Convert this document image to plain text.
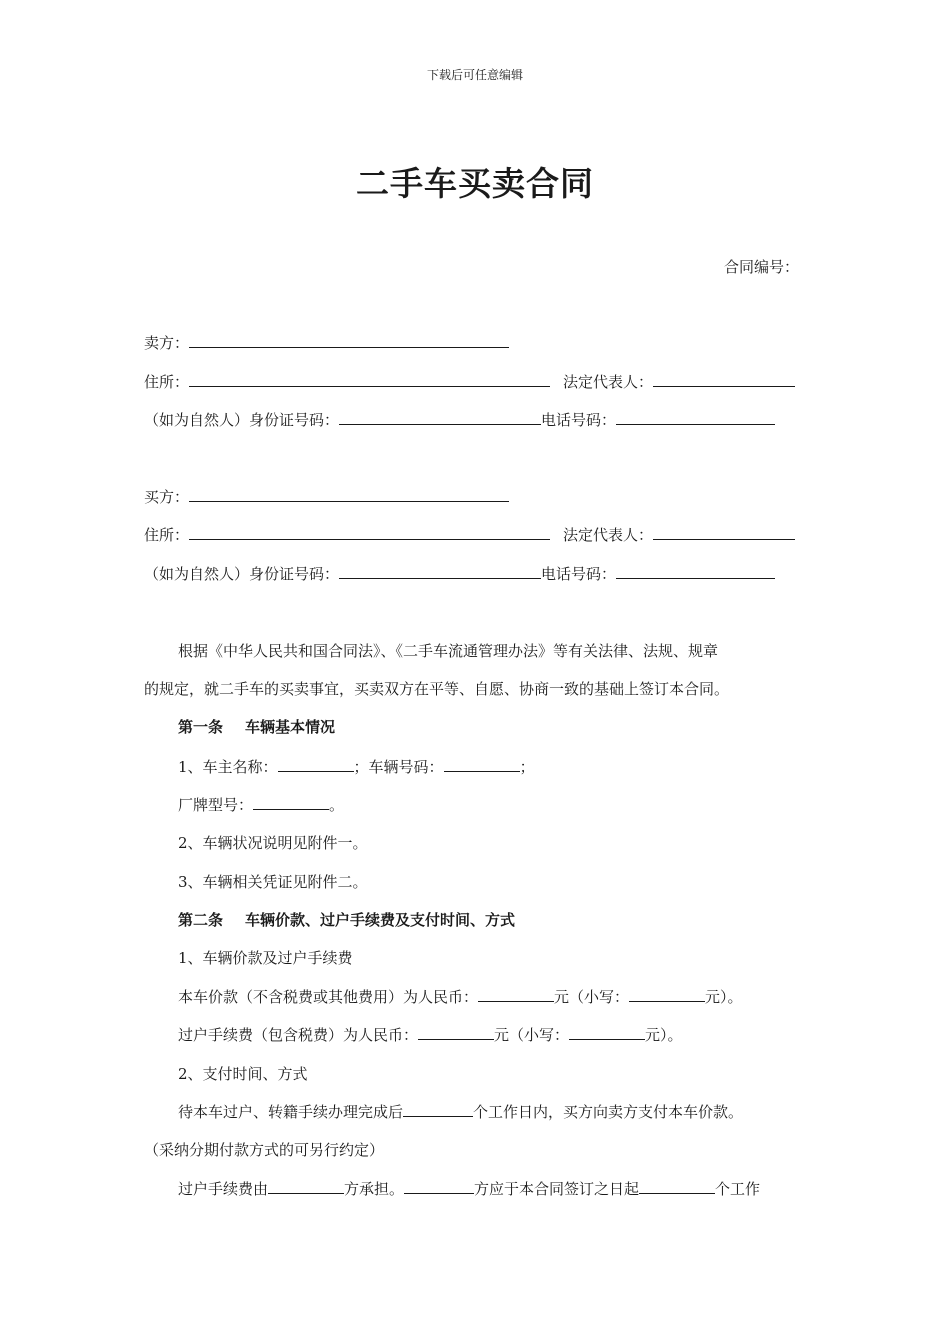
下载后可任意编辑
二手车买卖合同
合同编号：
卖方：
住所：	法定代表人：
（如为自然人）身份证号码：	电话号码：
买方：
住所：	法定代表人：
（如为自然人）身份证号码：	电话号码：
根据《中华人民共和国合同法》、《二手车流通管理办法》等有关法律、法规、规章
的规定，就二手车的买卖事宜，买卖双方在平等、自愿、协商一致的基础上签订本合同。
第一条 车辆基本情况
1、车主名称：	；车辆号码：	；
厂牌型号：	。
2、车辆状况说明见附件一。
3、车辆相关凭证见附件二。
第二条 车辆价款、过户手续费及支付时间、方式
1、车辆价款及过户手续费
本车价款（不含税费或其他费用）为人民币：	元（小写：	元）。
过户手续费（包含税费）为人民币：	元（小写：	元）。
2、支付时间、方式
待本车过户、转籍手续办理完成后	个工作日内，买方向卖方支付本车价款。
（采纳分期付款方式的可另行约定）
过户手续费由	方承担。	方应于本合同签订之日起	个工作
